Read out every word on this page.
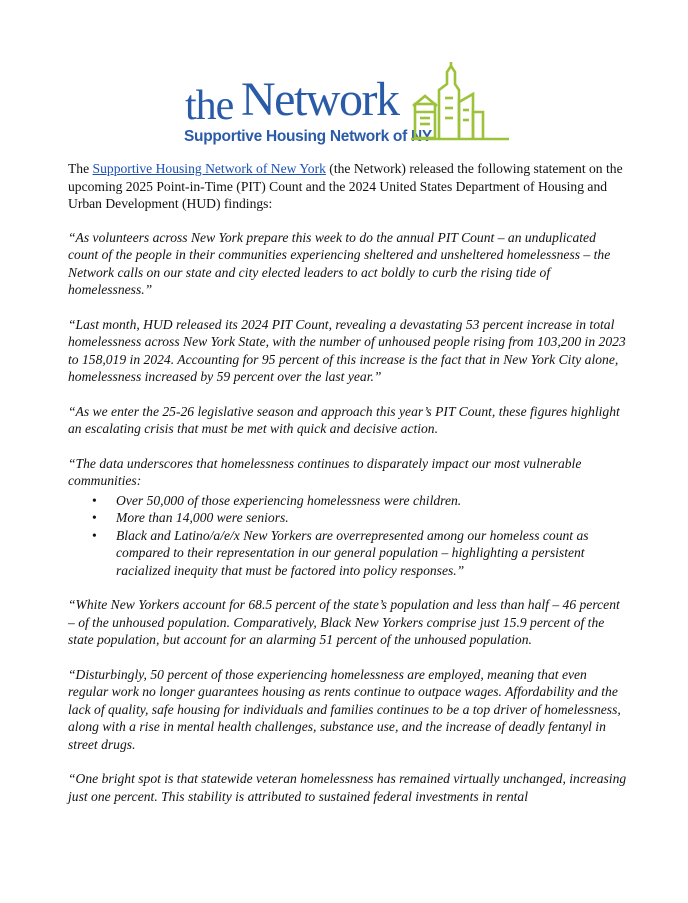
the Network
Supportive Housing Network of NY

The Supportive Housing Network of New York (the Network) released the following statement on the upcoming 2025 Point-in-Time (PIT) Count and the 2024 United States Department of Housing and Urban Development (HUD) findings:

“As volunteers across New York prepare this week to do the annual PIT Count – an unduplicated count of the people in their communities experiencing sheltered and unsheltered homelessness – the Network calls on our state and city elected leaders to act boldly to curb the rising tide of homelessness.”

“Last month, HUD released its 2024 PIT Count, revealing a devastating 53 percent increase in total homelessness across New York State, with the number of unhoused people rising from 103,200 in 2023 to 158,019 in 2024. Accounting for 95 percent of this increase is the fact that in New York City alone, homelessness increased by 59 percent over the last year.”

“As we enter the 25-26 legislative season and approach this year’s PIT Count, these figures highlight an escalating crisis that must be met with quick and decisive action.

“The data underscores that homelessness continues to disparately impact our most vulnerable communities:

• Over 50,000 of those experiencing homelessness were children.
• More than 14,000 were seniors.
• Black and Latino/a/e/x New Yorkers are overrepresented among our homeless count as compared to their representation in our general population – highlighting a persistent racialized inequity that must be factored into policy responses.”

“White New Yorkers account for 68.5 percent of the state’s population and less than half – 46 percent – of the unhoused population. Comparatively, Black New Yorkers comprise just 15.9 percent of the state population, but account for an alarming 51 percent of the unhoused population.

“Disturbingly, 50 percent of those experiencing homelessness are employed, meaning that even regular work no longer guarantees housing as rents continue to outpace wages. Affordability and the lack of quality, safe housing for individuals and families continues to be a top driver of homelessness, along with a rise in mental health challenges, substance use, and the increase of deadly fentanyl in street drugs.

“One bright spot is that statewide veteran homelessness has remained virtually unchanged, increasing just one percent. This stability is attributed to sustained federal investments in rental
